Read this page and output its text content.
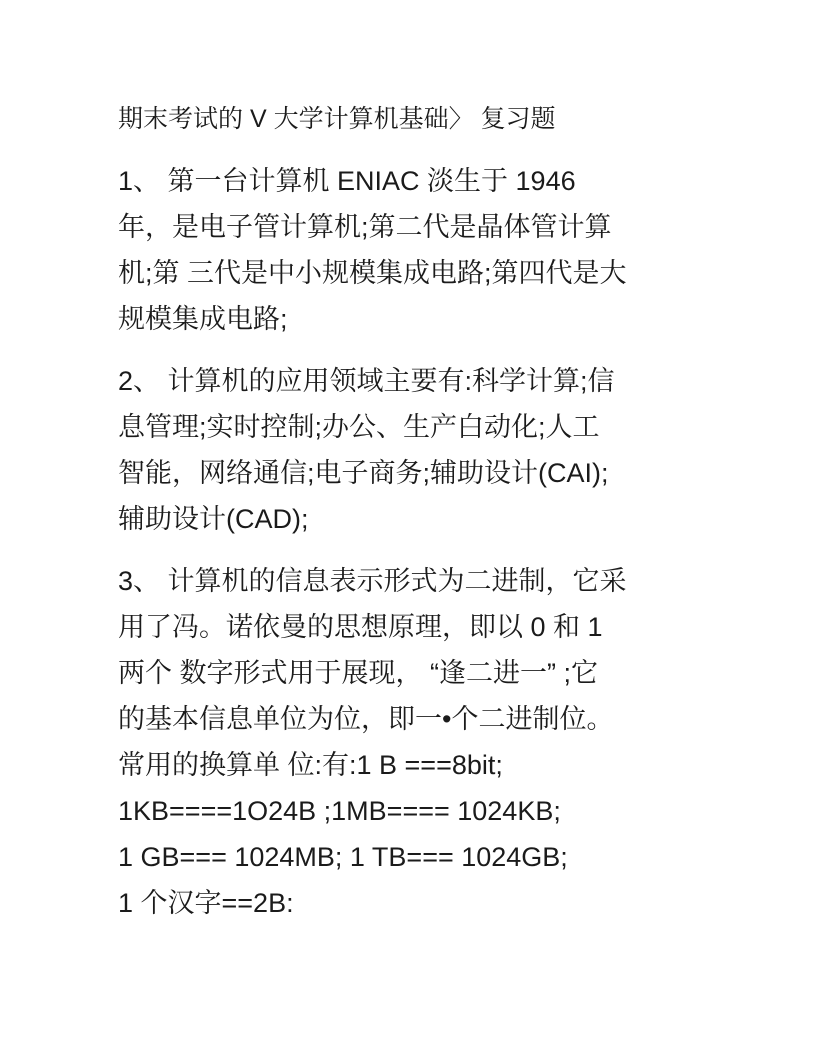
期末考试的 V 大学计算机基础〉 复习题
1、 第一台计算机 ENIAC 淡生于 1946
年，是电子管计算机;第二代是晶体管计算
机;第 三代是中小规模集成电路;第四代是大
规模集成电路;
2、 计算机的应用领域主要有:科学计算;信
息管理;实时控制;办公、生产白动化;人工
智能，网络通信;电子商务;辅助设计(CAI);
辅助设计(CAD);
3、 计算机的信息表示形式为二进制，它采
用了冯。诺依曼的思想原理，即以 0 和 1
两个 数字形式用于展现， “逢二进一” ;它
的基本信息单位为位，即一•个二进制位。
常用的换算单 位:有:1 B ===8bit;
1KB====1O24B ;1MB==== 1024KB;
1 GB=== 1024MB; 1 TB=== 1024GB;
1 个汉字==2B:
